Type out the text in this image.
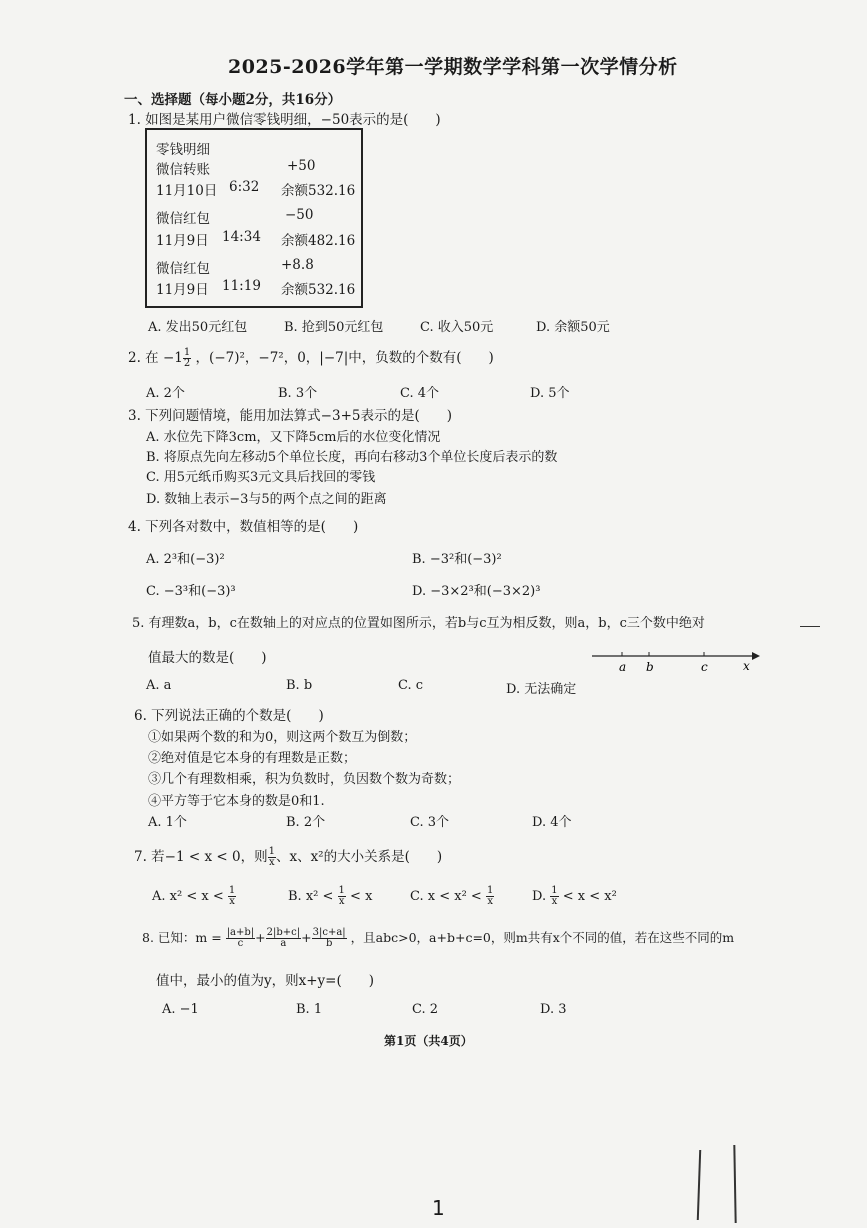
2025-2026学年第一学期数学学科第一次学情分析
一、选择题（每小题2分，共16分）
1. 如图是某用户微信零钱明细，−50表示的是(　　)
零钱明细
微信转账	+50
11月10日 6:32 余额532.16
微信红包	−50
11月9日 14:34 余额482.16
微信红包	+8.8
11月9日 11:19 余额532.16
A. 发出50元红包	B. 抢到50元红包	C. 收入50元	D. 余额50元
2. 在 $-1 \frac{1}{2}$ ，(−7)²，−7²，0，|−7|中，负数的个数有(　　)
A. 2个	B. 3个	C. 4个	D. 5个
3. 下列问题情境，能用加法算式−3+5表示的是(　　)
A. 水位先下降3cm，又下降5cm后的水位变化情况
B. 将原点先向左移动5个单位长度，再向右移动3个单位长度后表示的数
C. 用5元纸币购买3元文具后找回的零钱
D. 数轴上表示−3与5的两个点之间的距离
4. 下列各对数中，数值相等的是(　　)
A. 2³和(−3)²	B. −3²和(−3)²
C. −3³和(−3)³	D. −3×2³和(−3×2)³
5. 有理数a，b，c在数轴上的对应点的位置如图所示，若b与c互为相反数，则a，b，c三个数中绝对
值最大的数是(　　)
a b	c	x
A. a	B. b	C. c	D. 无法确定
6. 下列说法正确的个数是(　　)
①如果两个数的和为0，则这两个数互为倒数；
②绝对值是它本身的有理数是正数；
③几个有理数相乘，积为负数时，负因数个数为奇数；
④平方等于它本身的数是0和1.
A. 1个	B. 2个	C. 3个	D. 4个
7. 若−1 < x < 0，则 $\frac{1}{x}$ 、x、x²的大小关系是(　　)
A. $x^2 < x < \frac{1}{x}$	B. $x^2 < \frac{1}{x} < x$	C. $x < x^2 < \frac{1}{x}$	D. $\frac{1}{x} < x < x^2$
8. 已知：$m = \frac{|a+b|}{c} + \frac{2|b+c|}{a} + \frac{3|c+a|}{b}$ ，且abc>0，a+b+c=0，则m共有x个不同的值，若在这些不同的m
值中，最小的值为y，则x+y=(　　)
A. −1	B. 1	C. 2	D. 3
第1页（共4页）
1
